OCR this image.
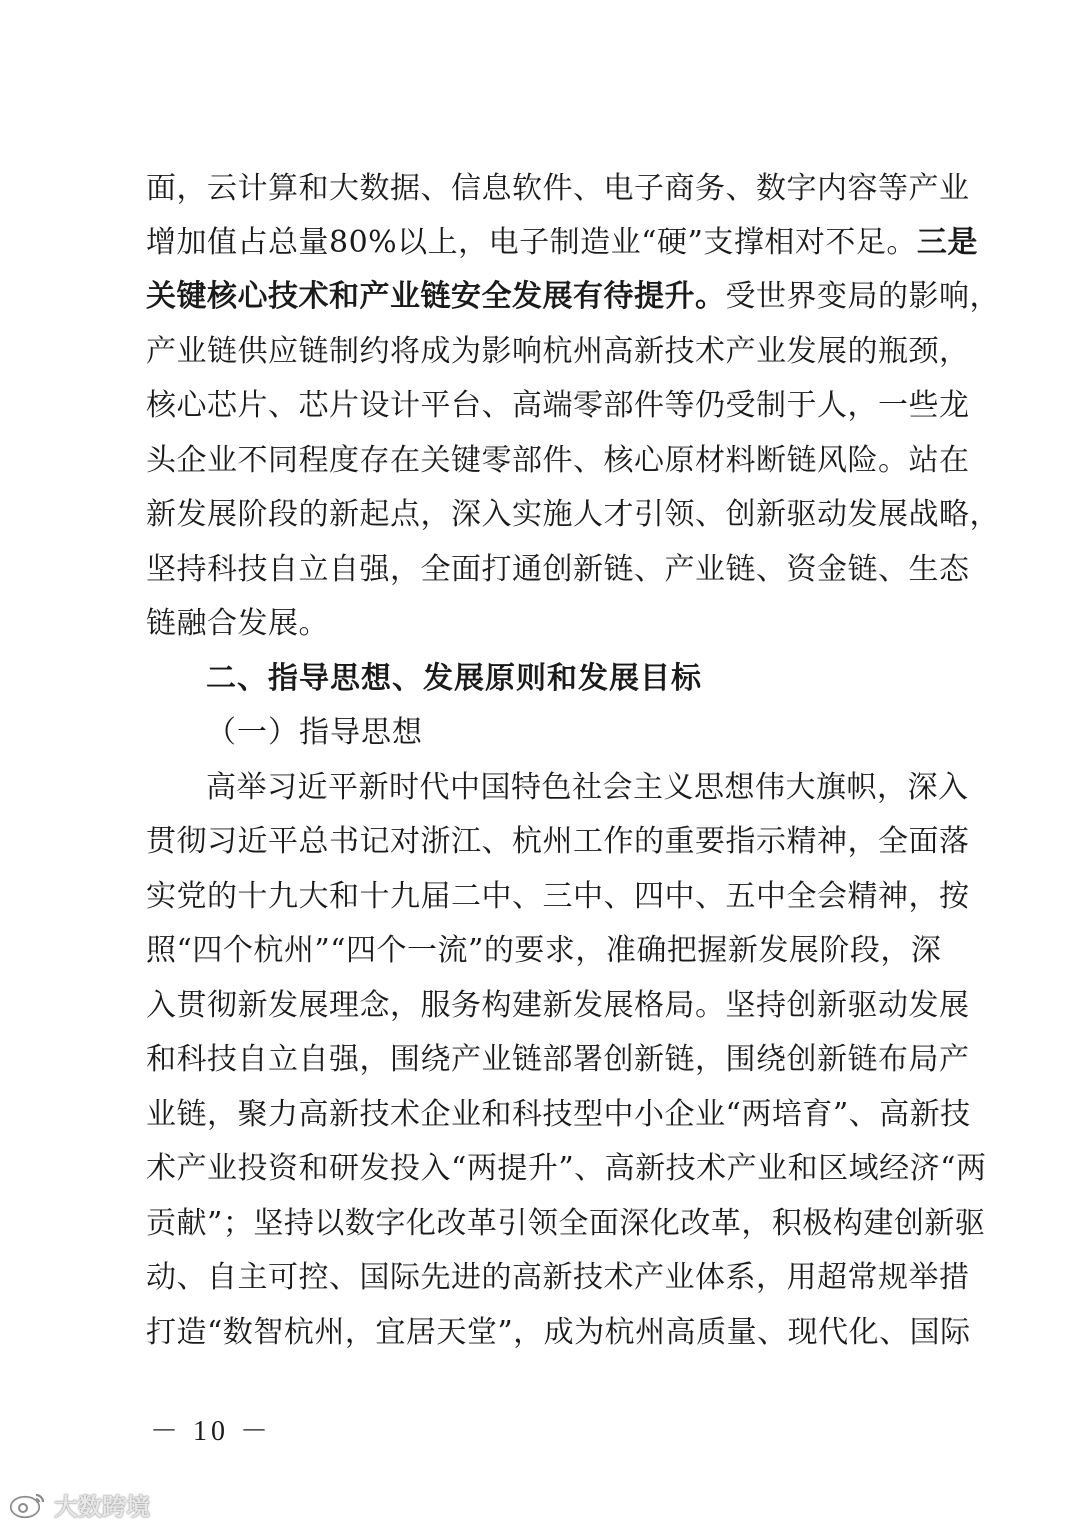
面，云计算和大数据、信息软件、电子商务、数字内容等产业
增加值占总量80%以上，电子制造业“硬”支撑相对不足。三是
关键核心技术和产业链安全发展有待提升。受世界变局的影响，
产业链供应链制约将成为影响杭州高新技术产业发展的瓶颈，
核心芯片、芯片设计平台、高端零部件等仍受制于人，一些龙
头企业不同程度存在关键零部件、核心原材料断链风险。站在
新发展阶段的新起点，深入实施人才引领、创新驱动发展战略，
坚持科技自立自强，全面打通创新链、产业链、资金链、生态
链融合发展。
二、指导思想、发展原则和发展目标
（一）指导思想
高举习近平新时代中国特色社会主义思想伟大旗帜，深入
贯彻习近平总书记对浙江、杭州工作的重要指示精神，全面落
实党的十九大和十九届二中、三中、四中、五中全会精神，按
照“四个杭州”“四个一流”的要求，准确把握新发展阶段，深
入贯彻新发展理念，服务构建新发展格局。坚持创新驱动发展
和科技自立自强，围绕产业链部署创新链，围绕创新链布局产
业链，聚力高新技术企业和科技型中小企业“两培育”、高新技
术产业投资和研发投入“两提升”、高新技术产业和区域经济“两
贡献”；坚持以数字化改革引领全面深化改革，积极构建创新驱
动、自主可控、国际先进的高新技术产业体系，用超常规举措
打造“数智杭州，宜居天堂”，成为杭州高质量、现代化、国际
－ 10 －
大数跨境
